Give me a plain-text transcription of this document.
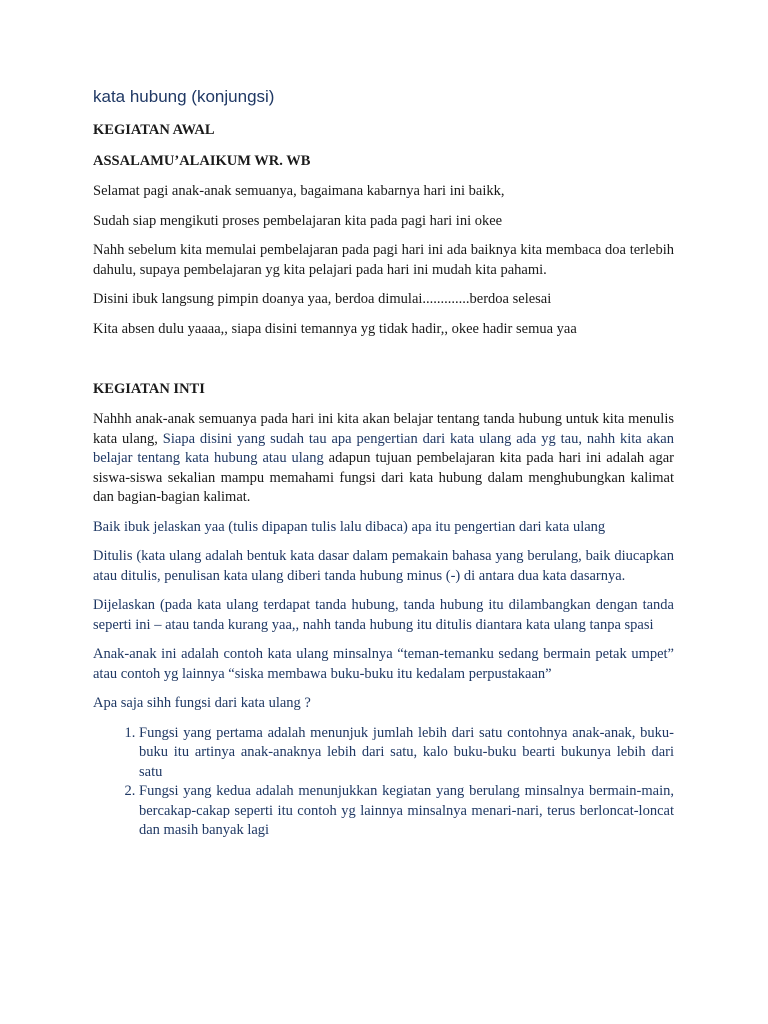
kata hubung (konjungsi)
KEGIATAN AWAL
ASSALAMU’ALAIKUM WR. WB

Selamat pagi anak-anak semuanya, bagaimana kabarnya hari ini baikk,

Sudah siap mengikuti proses pembelajaran kita pada pagi hari ini okee

Nahh sebelum kita memulai pembelajaran pada pagi hari ini ada baiknya kita membaca doa terlebih dahulu, supaya pembelajaran yg kita pelajari pada hari ini mudah kita pahami.

Disini ibuk langsung pimpin doanya yaa, berdoa dimulai.............berdoa selesai

Kita absen dulu yaaaa,, siapa disini temannya yg tidak hadir,, okee hadir semua yaa

KEGIATAN INTI

Nahhh anak-anak semuanya pada hari ini kita akan belajar tentang tanda hubung untuk kita menulis kata ulang, Siapa disini yang sudah tau apa pengertian dari kata ulang ada yg tau, nahh kita akan belajar tentang kata hubung atau ulang adapun tujuan pembelajaran kita pada hari ini adalah agar siswa-siswa sekalian mampu memahami fungsi dari kata hubung dalam menghubungkan kalimat dan bagian-bagian kalimat.

Baik ibuk jelaskan yaa (tulis dipapan tulis lalu dibaca) apa itu pengertian dari kata ulang

Ditulis (kata ulang adalah bentuk kata dasar dalam pemakain bahasa yang berulang, baik diucapkan atau ditulis, penulisan kata ulang diberi tanda hubung minus (-) di antara dua kata dasarnya.

Dijelaskan (pada kata ulang terdapat tanda hubung, tanda hubung itu dilambangkan dengan tanda seperti ini – atau tanda kurang yaa,, nahh tanda hubung itu ditulis diantara kata ulang tanpa spasi

Anak-anak ini adalah contoh kata ulang minsalnya “teman-temanku sedang bermain petak umpet” atau contoh yg lainnya “siska membawa buku-buku itu kedalam perpustakaan”

Apa saja sihh fungsi dari kata ulang ?

1. Fungsi yang pertama adalah menunjuk jumlah lebih dari satu contohnya anak-anak, buku-buku itu artinya anak-anaknya lebih dari satu, kalo buku-buku bearti bukunya lebih dari satu
2. Fungsi yang kedua adalah menunjukkan kegiatan yang berulang minsalnya bermain-main, bercakap-cakap seperti itu contoh yg lainnya minsalnya menari-nari, terus berloncat-loncat dan masih banyak lagi
